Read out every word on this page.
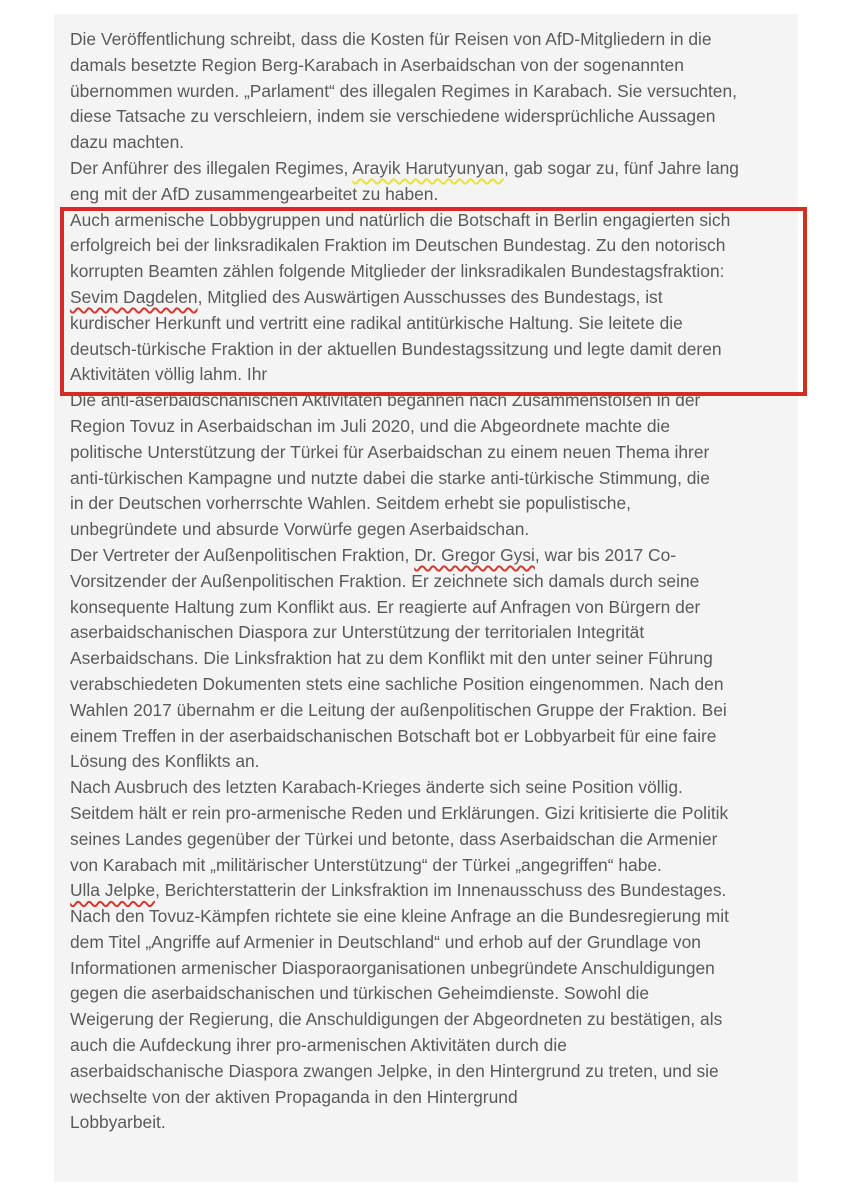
Die Veröffentlichung schreibt, dass die Kosten für Reisen von AfD-Mitgliedern in die
damals besetzte Region Berg-Karabach in Aserbaidschan von der sogenannten
übernommen wurden. „Parlament“ des illegalen Regimes in Karabach. Sie versuchten,
diese Tatsache zu verschleiern, indem sie verschiedene widersprüchliche Aussagen
dazu machten.
Der Anführer des illegalen Regimes, Arayik Harutyunyan, gab sogar zu, fünf Jahre lang
eng mit der AfD zusammengearbeitet zu haben.
Auch armenische Lobbygruppen und natürlich die Botschaft in Berlin engagierten sich
erfolgreich bei der linksradikalen Fraktion im Deutschen Bundestag. Zu den notorisch
korrupten Beamten zählen folgende Mitglieder der linksradikalen Bundestagsfraktion:
Sevim Dagdelen, Mitglied des Auswärtigen Ausschusses des Bundestags, ist
kurdischer Herkunft und vertritt eine radikal antitürkische Haltung. Sie leitete die
deutsch-türkische Fraktion in der aktuellen Bundestagssitzung und legte damit deren
Aktivitäten völlig lahm. Ihr
Die anti-aserbaidschanischen Aktivitäten begannen nach Zusammenstößen in der
Region Tovuz in Aserbaidschan im Juli 2020, und die Abgeordnete machte die
politische Unterstützung der Türkei für Aserbaidschan zu einem neuen Thema ihrer
anti-türkischen Kampagne und nutzte dabei die starke anti-türkische Stimmung, die
in der Deutschen vorherrschte Wahlen. Seitdem erhebt sie populistische,
unbegründete und absurde Vorwürfe gegen Aserbaidschan.
Der Vertreter der Außenpolitischen Fraktion, Dr. Gregor Gysi, war bis 2017 Co-
Vorsitzender der Außenpolitischen Fraktion. Er zeichnete sich damals durch seine
konsequente Haltung zum Konflikt aus. Er reagierte auf Anfragen von Bürgern der
aserbaidschanischen Diaspora zur Unterstützung der territorialen Integrität
Aserbaidschans. Die Linksfraktion hat zu dem Konflikt mit den unter seiner Führung
verabschiedeten Dokumenten stets eine sachliche Position eingenommen. Nach den
Wahlen 2017 übernahm er die Leitung der außenpolitischen Gruppe der Fraktion. Bei
einem Treffen in der aserbaidschanischen Botschaft bot er Lobbyarbeit für eine faire
Lösung des Konflikts an.
Nach Ausbruch des letzten Karabach-Krieges änderte sich seine Position völlig.
Seitdem hält er rein pro-armenische Reden und Erklärungen. Gizi kritisierte die Politik
seines Landes gegenüber der Türkei und betonte, dass Aserbaidschan die Armenier
von Karabach mit „militärischer Unterstützung“ der Türkei „angegriffen“ habe.
Ulla Jelpke, Berichterstatterin der Linksfraktion im Innenausschuss des Bundestages.
Nach den Tovuz-Kämpfen richtete sie eine kleine Anfrage an die Bundesregierung mit
dem Titel „Angriffe auf Armenier in Deutschland“ und erhob auf der Grundlage von
Informationen armenischer Diasporaorganisationen unbegründete Anschuldigungen
gegen die aserbaidschanischen und türkischen Geheimdienste. Sowohl die
Weigerung der Regierung, die Anschuldigungen der Abgeordneten zu bestätigen, als
auch die Aufdeckung ihrer pro-armenischen Aktivitäten durch die
aserbaidschanische Diaspora zwangen Jelpke, in den Hintergrund zu treten, und sie
wechselte von der aktiven Propaganda in den Hintergrund
Lobbyarbeit.
